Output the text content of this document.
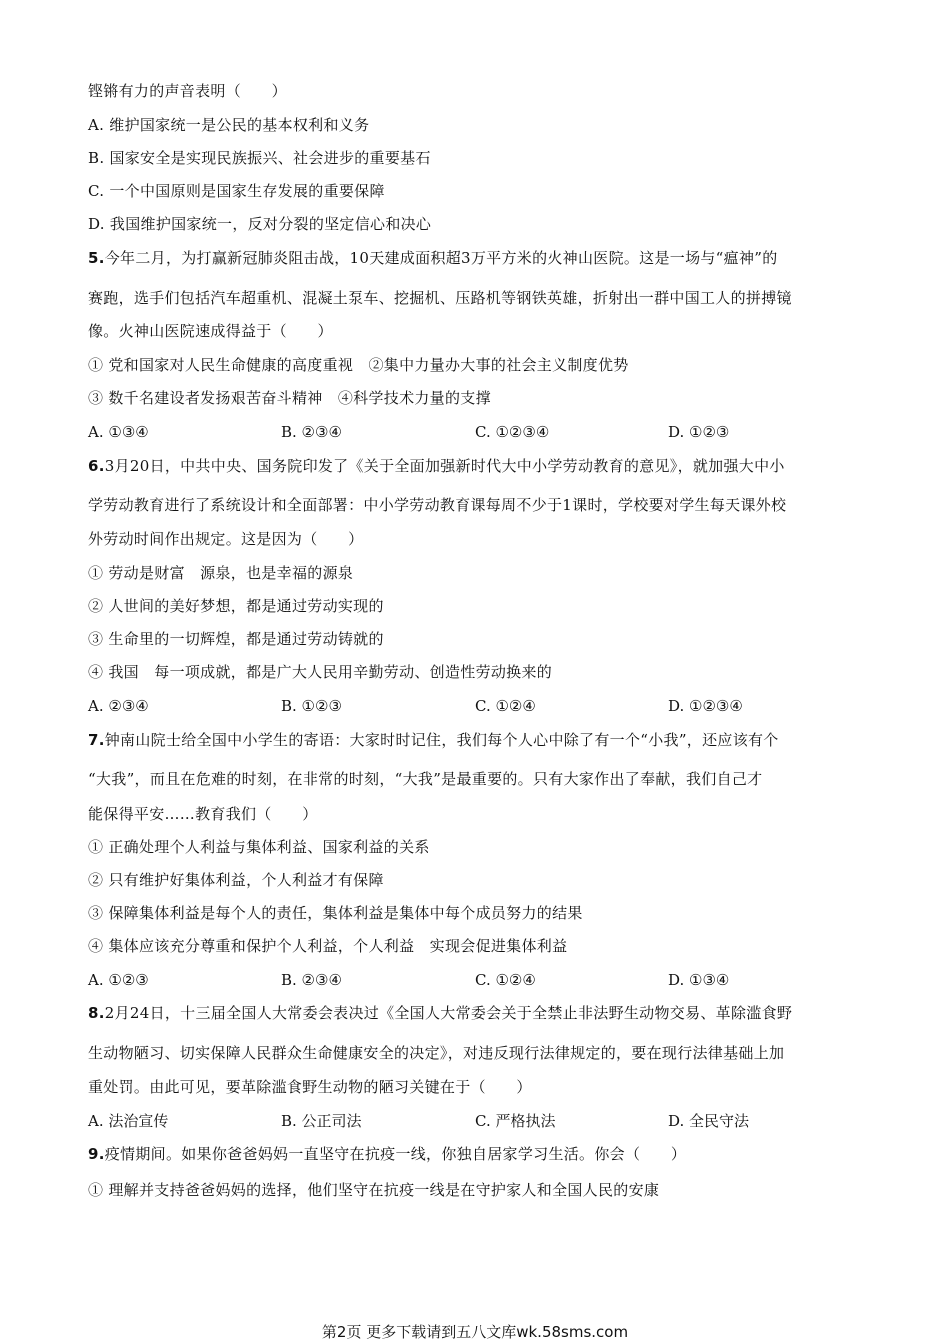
铿锵有力的声音表明（　　）
A. 维护国家统一是公民的基本权利和义务
B. 国家安全是实现民族振兴、社会进步的重要基石
C. 一个中国原则是国家生存发展的重要保障
D. 我国维护国家统一，反对分裂的坚定信心和决心
5.今年二月，为打赢新冠肺炎阻击战，10天建成面积超3万平方米的火神山医院。这是一场与“瘟神”的
赛跑，选手们包括汽车超重机、混凝土泵车、挖掘机、压路机等钢铁英雄，折射出一群中国工人的拼搏镜
像。火神山医院速成得益于（　　）
① 党和国家对人民生命健康的高度重视　②集中力量办大事的社会主义制度优势
③ 数千名建设者发扬艰苦奋斗精神　④科学技术力量的支撑
A. ①③④	B. ②③④	C. ①②③④	D. ①②③
6.3月20日，中共中央、国务院印发了《关于全面加强新时代大中小学劳动教育的意见》，就加强大中小
学劳动教育进行了系统设计和全面部署：中小学劳动教育课每周不少于1课时，学校要对学生每天课外校
外劳动时间作出规定。这是因为（　　）
① 劳动是财富　源泉，也是幸福的源泉
② 人世间的美好梦想，都是通过劳动实现的
③ 生命里的一切辉煌，都是通过劳动铸就的
④ 我国　每一项成就，都是广大人民用辛勤劳动、创造性劳动换来的
A. ②③④	B. ①②③	C. ①②④	D. ①②③④
7.钟南山院士给全国中小学生的寄语：大家时时记住，我们每个人心中除了有一个“小我”，还应该有个
“大我”，而且在危难的时刻，在非常的时刻，“大我”是最重要的。只有大家作出了奉献，我们自己才
能保得平安……教育我们（　　）
① 正确处理个人利益与集体利益、国家利益的关系
② 只有维护好集体利益，个人利益才有保障
③ 保障集体利益是每个人的责任，集体利益是集体中每个成员努力的结果
④ 集体应该充分尊重和保护个人利益，个人利益　实现会促进集体利益
A. ①②③	B. ②③④	C. ①②④	D. ①③④
8.2月24日，十三届全国人大常委会表决过《全国人大常委会关于全禁止非法野生动物交易、革除滥食野
生动物陋习、切实保障人民群众生命健康安全的决定》，对违反现行法律规定的，要在现行法律基础上加
重处罚。由此可见，要革除滥食野生动物的陋习关键在于（　　）
A. 法治宣传	B. 公正司法	C. 严格执法	D. 全民守法
9.疫情期间。如果你爸爸妈妈一直坚守在抗疫一线，你独自居家学习生活。你会（　　）
① 理解并支持爸爸妈妈的选择，他们坚守在抗疫一线是在守护家人和全国人民的安康
第2页 更多下载请到五八文库wk.58sms.com
